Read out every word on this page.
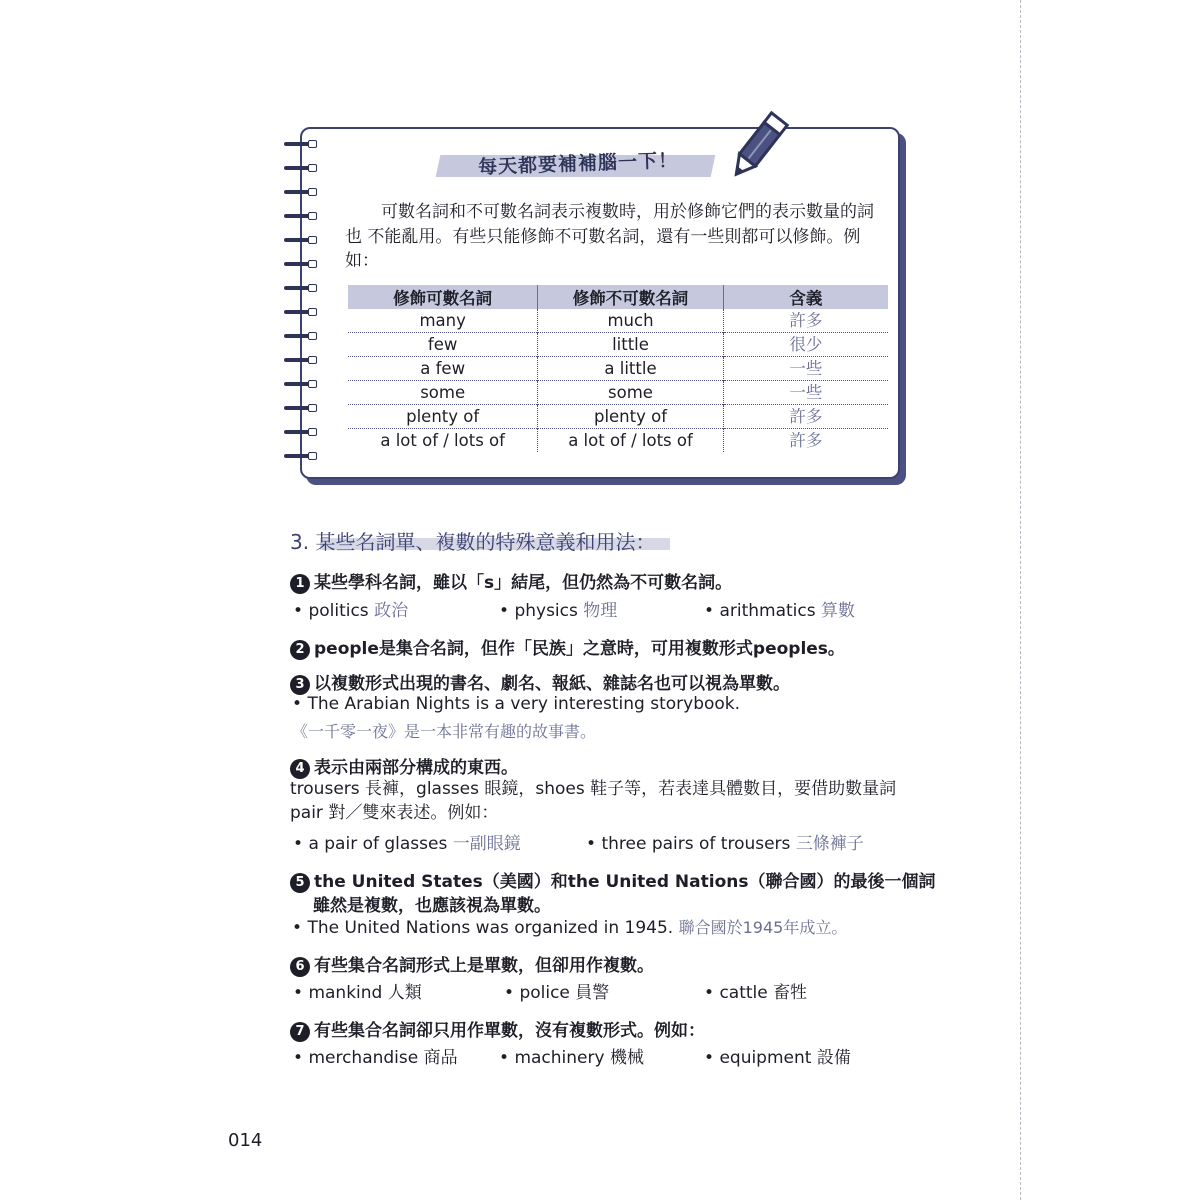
每天都要補補腦一下！
可數名詞和不可數名詞表示複數時，用於修飾它們的表示數量的詞也 不能亂用。有些只能修飾不可數名詞，還有一些則都可以修飾。例如：
修飾可數名詞	修飾不可數名詞	含義
many	much	許多
few	little	很少
a few	a little	一些
some	some	一些
plenty of	plenty of	許多
a lot of / lots of	a lot of / lots of	許多
3. 某些名詞單、複數的特殊意義和用法：
1 某些學科名詞，雖以「s」結尾，但仍然為不可數名詞。
• politics 政治	• physics 物理	• arithmatics 算數
2 people是集合名詞，但作「民族」之意時，可用複數形式peoples。
3 以複數形式出現的書名、劇名、報紙、雜誌名也可以視為單數。
• The Arabian Nights is a very interesting storybook.
《一千零一夜》是一本非常有趣的故事書。
4 表示由兩部分構成的東西。
trousers 長褲，glasses 眼鏡，shoes 鞋子等，若表達具體數目，要借助數量詞 pair 對／雙來表述。例如：
• a pair of glasses 一副眼鏡	• three pairs of trousers 三條褲子
5 the United States（美國）和the United Nations（聯合國）的最後一個詞
雖然是複數，也應該視為單數。
• The United Nations was organized in 1945. 聯合國於1945年成立。
6 有些集合名詞形式上是單數，但卻用作複數。
• mankind 人類	• police 員警	• cattle 畜牲
7 有些集合名詞卻只用作單數，沒有複數形式。例如：
• merchandise 商品 • machinery 機械	• equipment 設備
014
